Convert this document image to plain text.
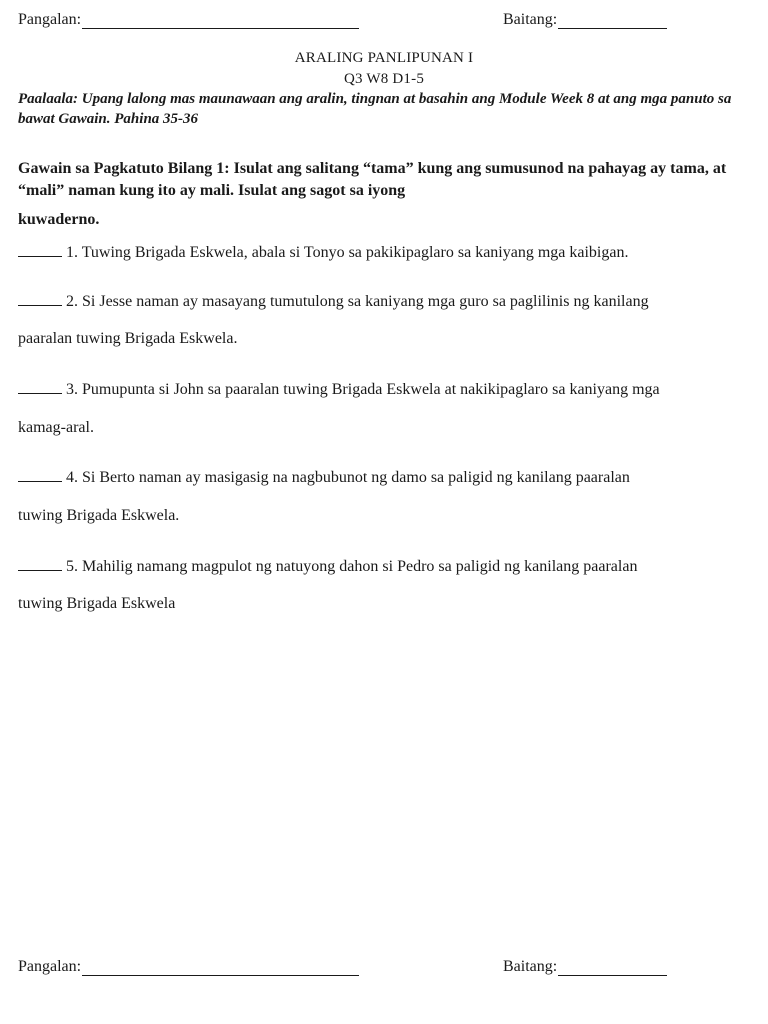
Pangalan:	Baitang:
ARALING PANLIPUNAN I
Q3 W8 D1-5
Paalaala: Upang lalong mas maunawaan ang aralin, tingnan at basahin ang Module Week 8 at ang mga panuto sa bawat Gawain. Pahina 35-36
Gawain sa Pagkatuto Bilang 1: Isulat ang salitang “tama” kung ang sumusunod na pahayag ay tama, at “mali” naman kung ito ay mali. Isulat ang sagot sa iyong
kuwaderno.
1. Tuwing Brigada Eskwela, abala si Tonyo sa pakikipaglaro sa kaniyang mga kaibigan.
2. Si Jesse naman ay masayang tumutulong sa kaniyang mga guro sa paglilinis ng kanilang
paaralan tuwing Brigada Eskwela.
3. Pumupunta si John sa paaralan tuwing Brigada Eskwela at nakikipaglaro sa kaniyang mga
kamag-aral.
4. Si Berto naman ay masigasig na nagbubunot ng damo sa paligid ng kanilang paaralan
tuwing Brigada Eskwela.
5. Mahilig namang magpulot ng natuyong dahon si Pedro sa paligid ng kanilang paaralan
tuwing Brigada Eskwela
Pangalan:	Baitang:
